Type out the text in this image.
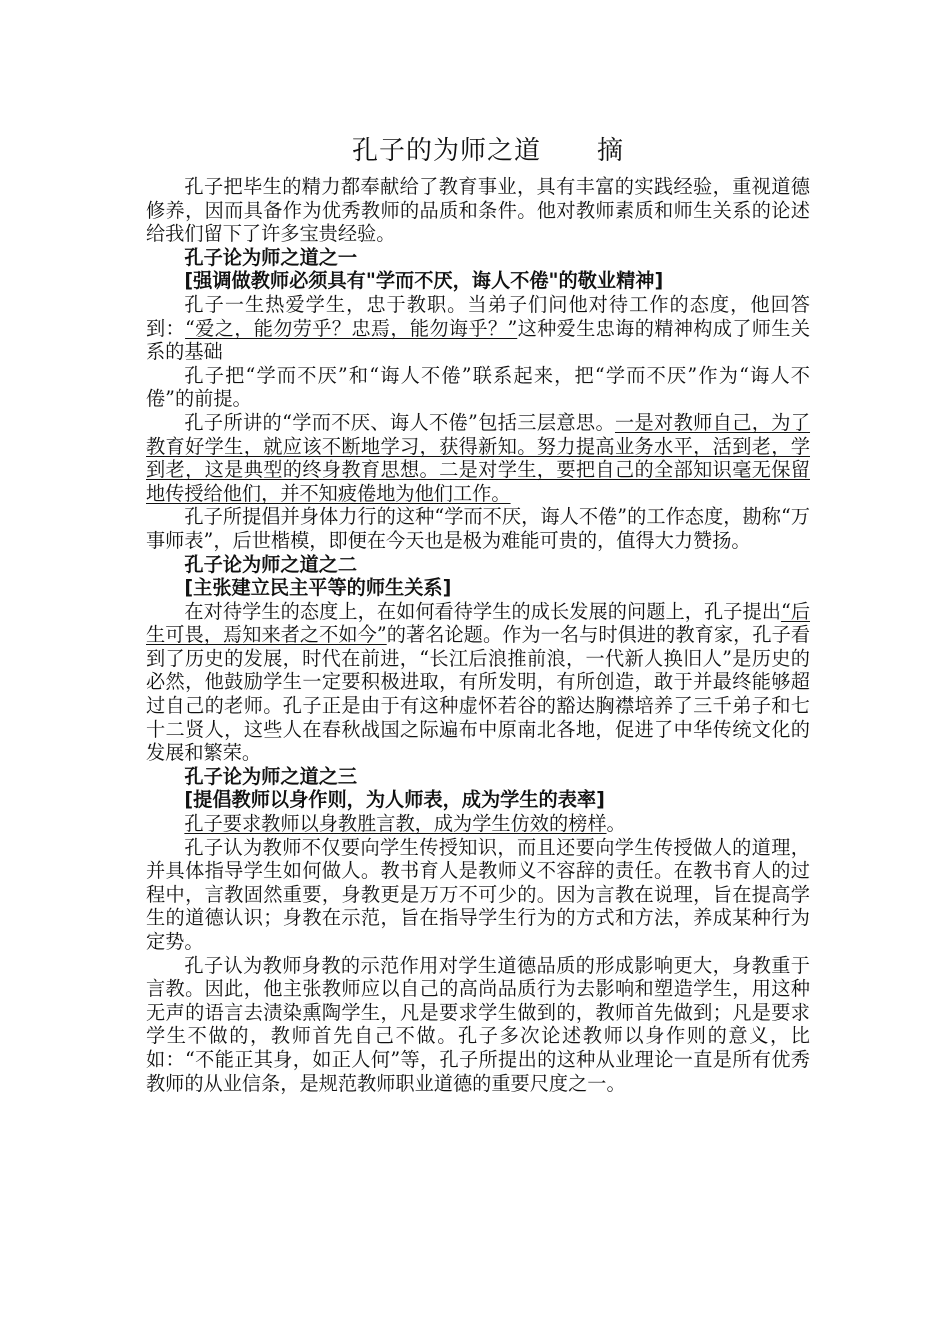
孔子的为师之道 摘

孔子把毕生的精力都奉献给了教育事业，具有丰富的实践经验，重视道德修养，因而具备作为优秀教师的品质和条件。他对教师素质和师生关系的论述给我们留下了许多宝贵经验。

孔子论为师之道之一
[强调做教师必须具有"学而不厌，诲人不倦"的敬业精神]

孔子一生热爱学生，忠于教职。当弟子们问他对待工作的态度，他回答到：“爱之，能勿劳乎？忠焉，能勿诲乎？”这种爱生忠诲的精神构成了师生关系的基础

孔子把“学而不厌”和“诲人不倦”联系起来，把“学而不厌”作为“诲人不倦”的前提。

孔子所讲的“学而不厌、诲人不倦”包括三层意思。一是对教师自己，为了教育好学生，就应该不断地学习，获得新知。努力提高业务水平，活到老，学到老，这是典型的终身教育思想。二是对学生，要把自己的全部知识毫无保留地传授给他们，并不知疲倦地为他们工作。

孔子所提倡并身体力行的这种“学而不厌，诲人不倦”的工作态度，勘称“万事师表”，后世楷模，即便在今天也是极为难能可贵的，值得大力赞扬。

孔子论为师之道之二
[主张建立民主平等的师生关系]

在对待学生的态度上，在如何看待学生的成长发展的问题上，孔子提出“后生可畏，焉知来者之不如今”的著名论题。作为一名与时俱进的教育家，孔子看到了历史的发展，时代在前进，“长江后浪推前浪，一代新人换旧人”是历史的必然，他鼓励学生一定要积极进取，有所发明，有所创造，敢于并最终能够超过自己的老师。孔子正是由于有这种虚怀若谷的豁达胸襟培养了三千弟子和七十二贤人，这些人在春秋战国之际遍布中原南北各地，促进了中华传统文化的发展和繁荣。

孔子论为师之道之三
[提倡教师以身作则，为人师表，成为学生的表率]

孔子要求教师以身教胜言教，成为学生仿效的榜样。

孔子认为教师不仅要向学生传授知识，而且还要向学生传授做人的道理，并具体指导学生如何做人。教书育人是教师义不容辞的责任。在教书育人的过程中，言教固然重要，身教更是万万不可少的。因为言教在说理，旨在提高学生的道德认识；身教在示范，旨在指导学生行为的方式和方法，养成某种行为定势。

孔子认为教师身教的示范作用对学生道德品质的形成影响更大，身教重于言教。因此，他主张教师应以自己的高尚品质行为去影响和塑造学生，用这种无声的语言去渍染熏陶学生，凡是要求学生做到的，教师首先做到；凡是要求学生不做的，教师首先自己不做。孔子多次论述教师以身作则的意义，比如：“不能正其身，如正人何”等，孔子所提出的这种从业理论一直是所有优秀教师的从业信条，是规范教师职业道德的重要尺度之一。
